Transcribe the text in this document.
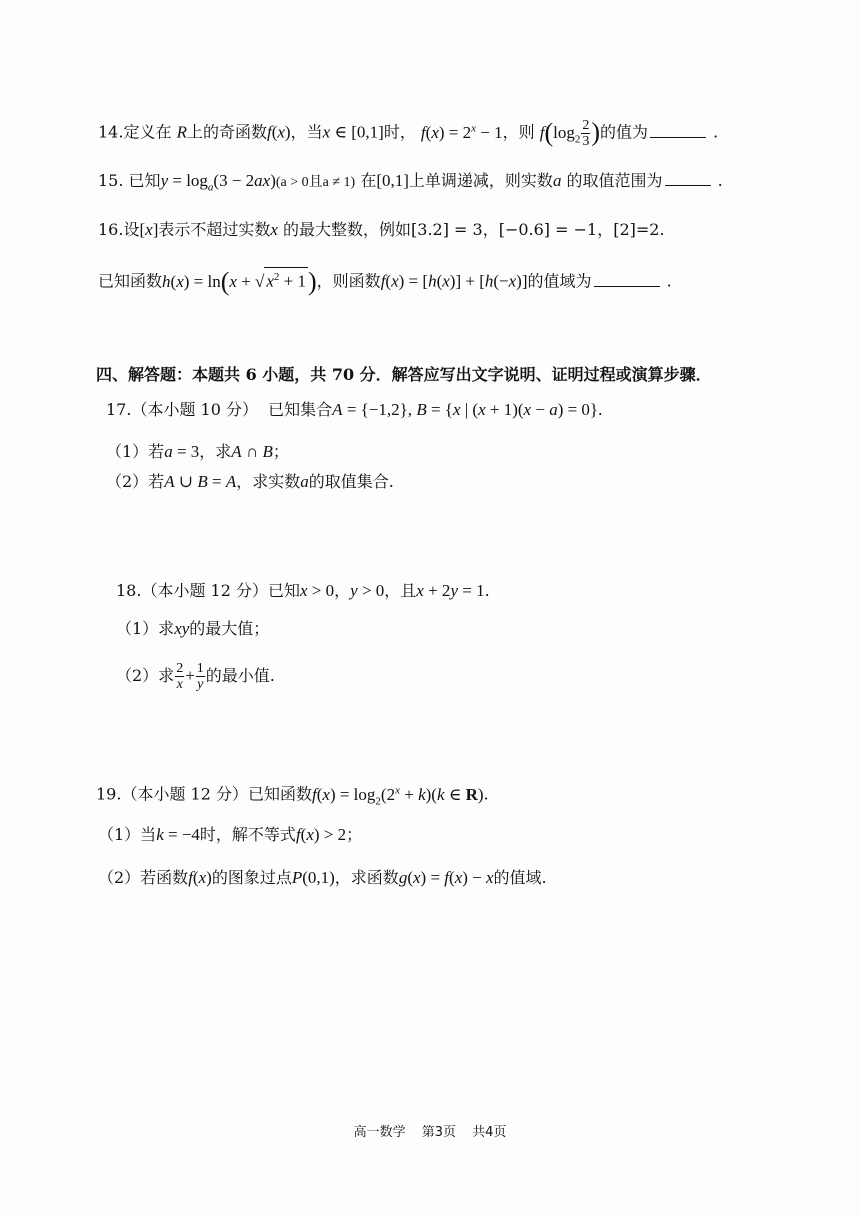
14.定义在 R上的奇函数f(x)，当x ∈ [0,1]时， $f(x) = 2^x - 1$，则 $f(\log_2 \frac{2}{3}$ )的值为	.
15. 已知$y = \log_a(3 - 2ax)(a > 0$且a ≠ 1) 在[0,1]上单调递减，则实数a 的取值范围为	.
16.设[x]表示不超过实数x 的最大整数，例如[3.2] = 3，[−0.6] = −1，[2]=2.
已知函数h(x) = ln(x + √ $x^2 + 1$)，则函数f(x) = [h(x)] + [h(−x)]的值域为	.
四、解答题：本题共 6 小题，共 70 分．解答应写出文字说明、证明过程或演算步骤．
17.（本小题 10 分） 已知集合A = {−1,2}, B = {x | (x + 1)(x − a) = 0}.
（1）若a = 3，求A ∩ B；
（2）若A ∪ B = A，求实数a的取值集合.
18.（本小题 12 分）已知x > 0，y > 0，且x + 2y = 1.
（1）求xy的最大值；
（2）求 $\frac{2}{x} + \frac{1}{y}$ 的最小值.
19.（本小题 12 分）已知函数$f(x) = \log_2(2^x + k)(k$ ∈ R).
（1）当k = −4时，解不等式f(x) > 2；
（2）若函数f(x)的图象过点P(0,1)，求函数g(x) = f(x) − x的值域.
高一数学 第3页 共4页
